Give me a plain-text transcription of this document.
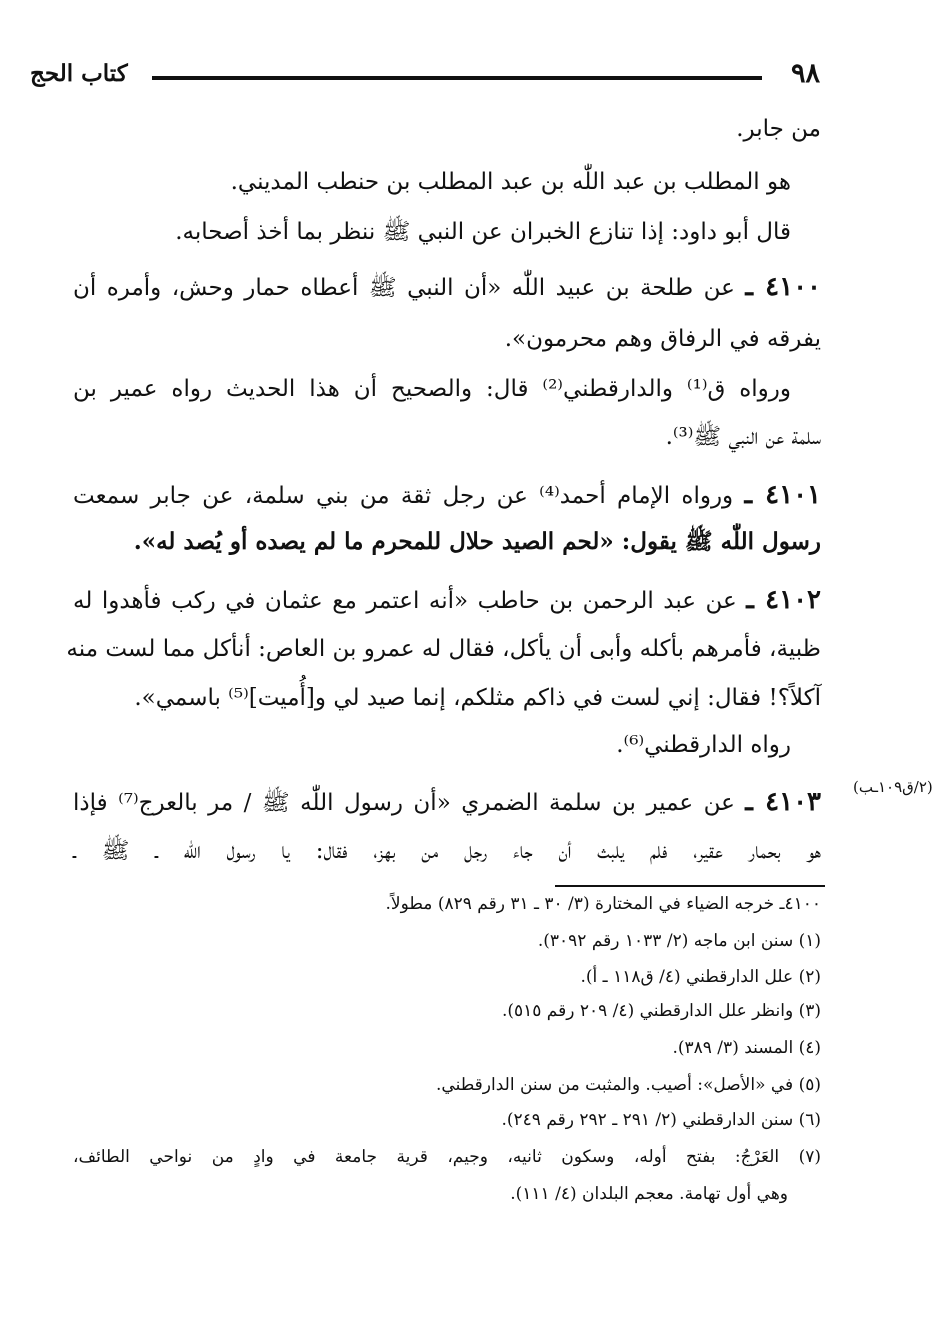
٩٨
كتاب الحج
من جابر.
هو المطلب بن عبد اللّٰه بن عبد المطلب بن حنطب المديني.
قال أبو داود: إذا تنازع الخبران عن النبي ﷺ ننظر بما أخذ أصحابه.
٤١٠٠ ـ عن طلحة بن عبيد اللّٰه «أن النبي ﷺ أعطاه حمار وحش، وأمره أن
يفرقه في الرفاق وهم محرمون».
ورواه ق⁽¹⁾ والدارقطني⁽²⁾ قال: والصحيح أن هذا الحديث رواه عمير بن
سلمة عن النبي ﷺ⁽³⁾.
٤١٠١ ـ ورواه الإمام أحمد⁽⁴⁾ عن رجل ثقة من بني سلمة، عن جابر سمعت
رسول اللّٰه ﷺ يقول: «لحم الصيد حلال للمحرم ما لم يصده أو يُصد له».
٤١٠٢ ـ عن عبد الرحمن بن حاطب «أنه اعتمر مع عثمان في ركب فأهدوا له
ظبية، فأمرهم بأكله وأبى أن يأكل، فقال له عمرو بن العاص: أنأكل مما لست منه
آكلاً؟! فقال: إني لست في ذاكم مثلكم، إنما صيد لي و[أُميت]⁽⁵⁾ باسمي».
رواه الدارقطني⁽⁶⁾.
(٢/ق١٠٩ـب)
٤١٠٣ ـ عن عمير بن سلمة الضمري «أن رسول اللّٰه ﷺ / مر بالعرج⁽⁷⁾ فإذا
هو بحمار عقير، فلم يلبث أن جاء رجل من بهز، فقال: يا رسول اللّٰه ـ ﷺ ـ
٤١٠٠ـ خرجه الضياء في المختارة (٣/ ٣٠ ـ ٣١ رقم ٨٢٩) مطولاً.
(١) سنن ابن ماجه (٢/ ١٠٣٣ رقم ٣٠٩٢).
(٢) علل الدارقطني (٤/ ق١١٨ ـ أ).
(٣) وانظر علل الدارقطني (٤/ ٢٠٩ رقم ٥١٥).
(٤) المسند (٣/ ٣٨٩).
(٥) في «الأصل»: أصيب. والمثبت من سنن الدارقطني.
(٦) سنن الدارقطني (٢/ ٢٩١ ـ ٢٩٢ رقم ٢٤٩).
(٧) العَرْجُ: بفتح أوله، وسكون ثانيه، وجيم، قرية جامعة في وادٍ من نواحي الطائف،
وهي أول تهامة. معجم البلدان (٤/ ١١١).
